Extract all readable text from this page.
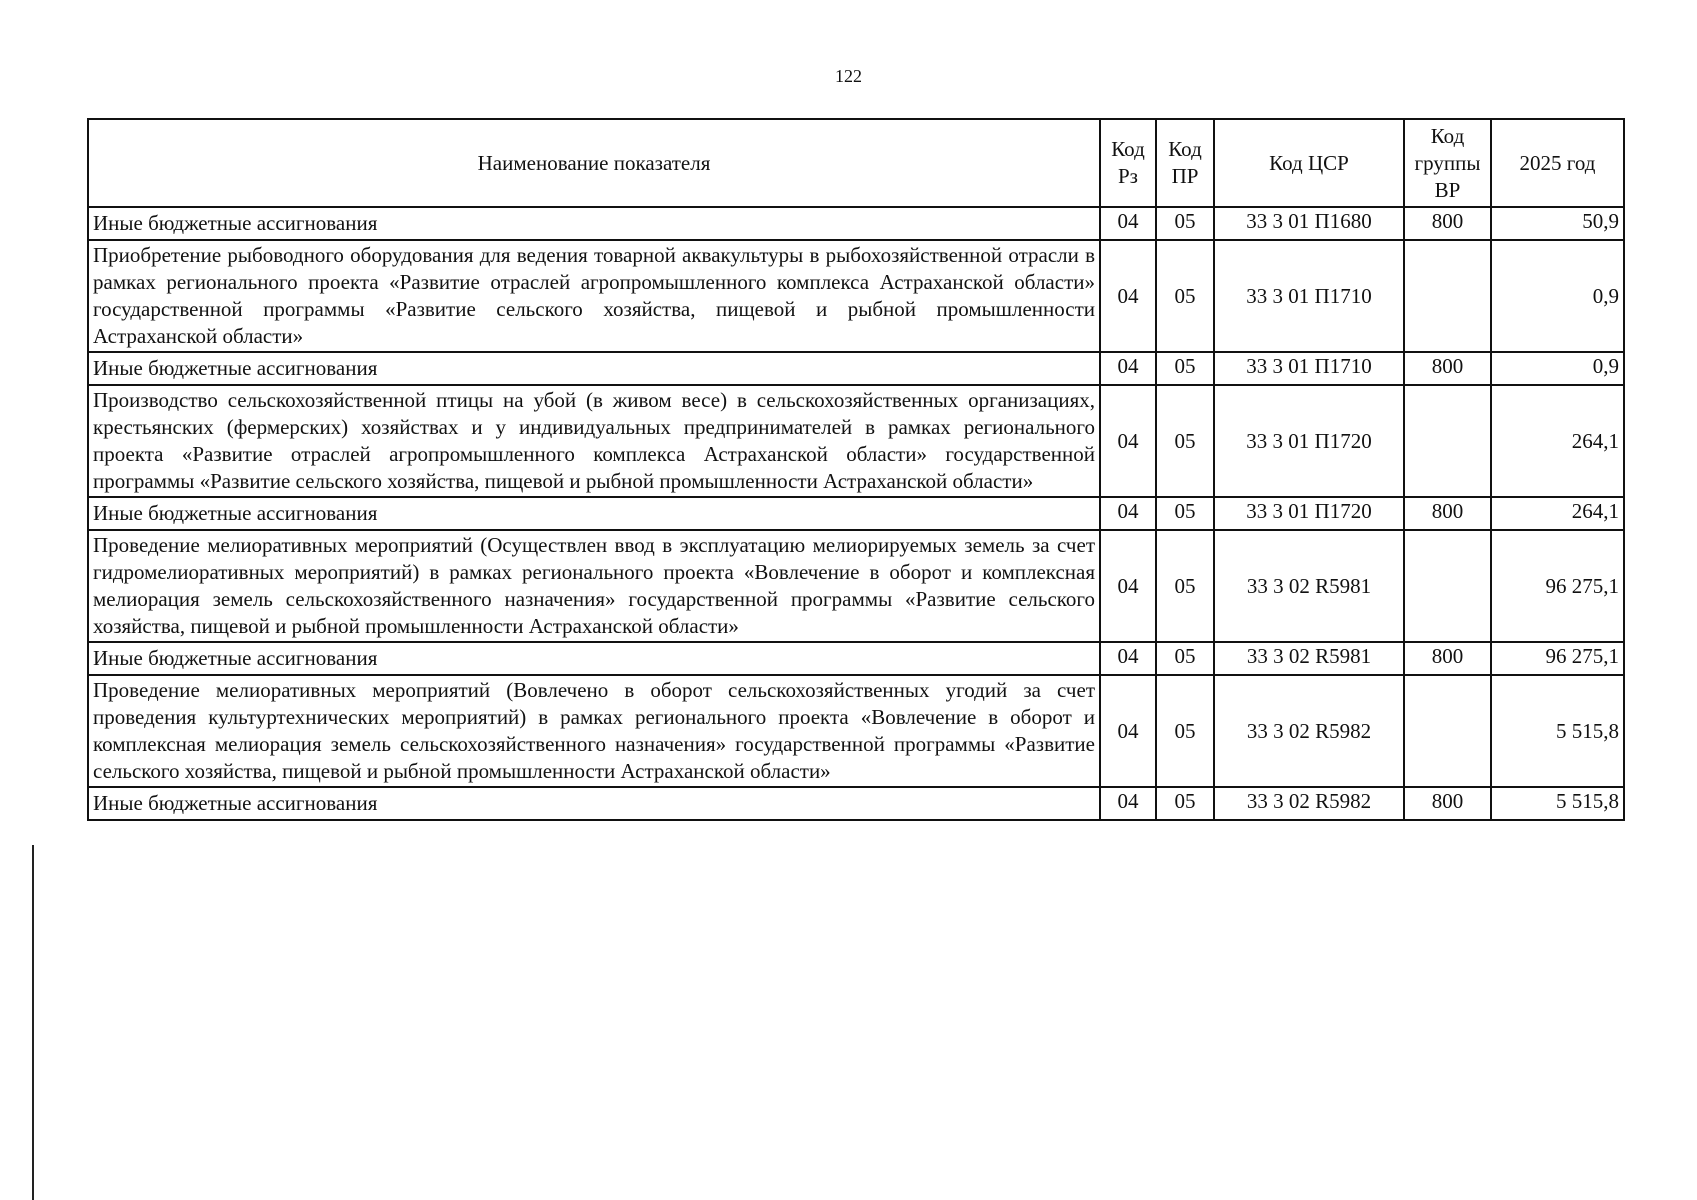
122
Наименование показателя	Код Рз	Код ПР	Код ЦСР	Код группы ВР	2025 год
Иные бюджетные ассигнования	04	05	33 3 01 П1680	800	50,9
Приобретение рыбоводного оборудования для ведения товарной аквакультуры в рыбохозяйственной отрасли в рамках регионального проекта «Развитие отраслей агропромышленного комплекса Астраханской области» государственной программы «Развитие сельского хозяйства, пищевой и рыбной промышленности Астраханской области»	04	05	33 3 01 П1710		0,9
Иные бюджетные ассигнования	04	05	33 3 01 П1710	800	0,9
Производство сельскохозяйственной птицы на убой (в живом весе) в сельскохозяйственных организациях, крестьянских (фермерских) хозяйствах и у индивидуальных предпринимателей в рамках регионального проекта «Развитие отраслей агропромышленного комплекса Астраханской области» государственной программы «Развитие сельского хозяйства, пищевой и рыбной промышленности Астраханской области»	04	05	33 3 01 П1720		264,1
Иные бюджетные ассигнования	04	05	33 3 01 П1720	800	264,1
Проведение мелиоративных мероприятий (Осуществлен ввод в эксплуатацию мелиорируемых земель за счет гидромелиоративных мероприятий) в рамках регионального проекта «Вовлечение в оборот и комплексная мелиорация земель сельскохозяйственного назначения» государственной программы «Развитие сельского хозяйства, пищевой и рыбной промышленности Астраханской области»	04	05	33 3 02 R5981		96 275,1
Иные бюджетные ассигнования	04	05	33 3 02 R5981	800	96 275,1
Проведение мелиоративных мероприятий (Вовлечено в оборот сельскохозяйственных угодий за счет проведения культуртехнических мероприятий) в рамках регионального проекта «Вовлечение в оборот и комплексная мелиорация земель сельскохозяйственного назначения» государственной программы «Развитие сельского хозяйства, пищевой и рыбной промышленности Астраханской области»	04	05	33 3 02 R5982		5 515,8
Иные бюджетные ассигнования	04	05	33 3 02 R5982	800	5 515,8
